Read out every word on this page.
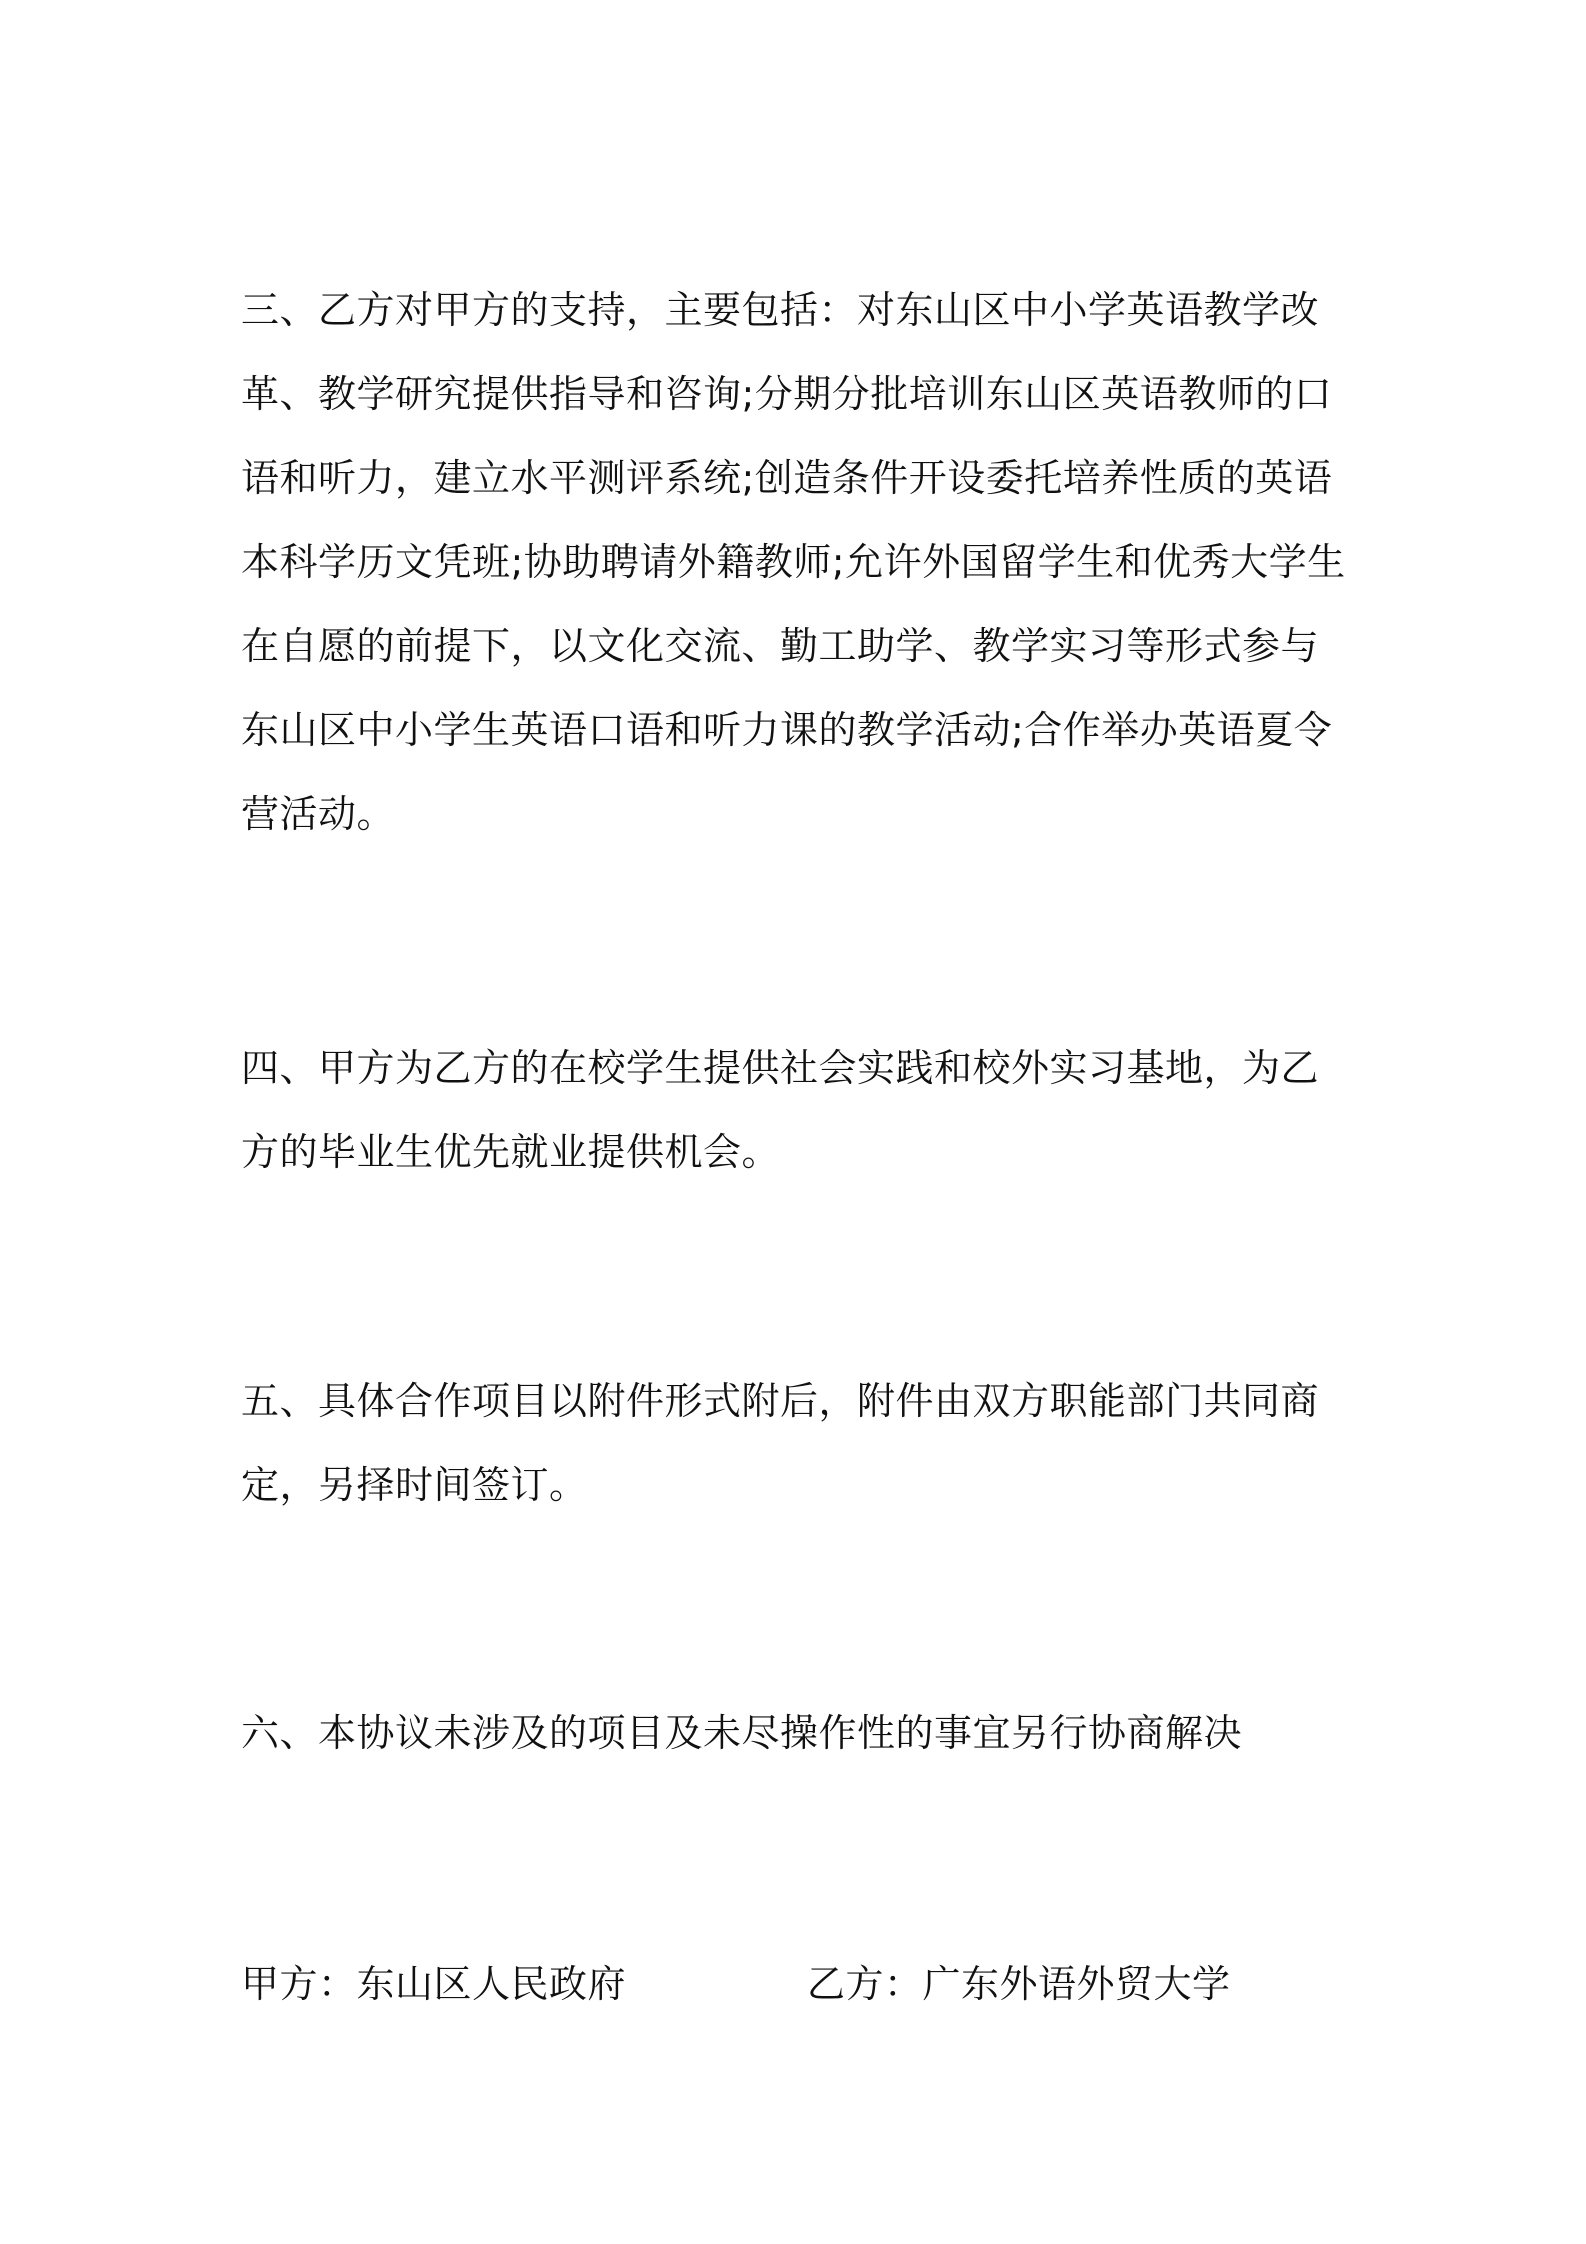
三、乙方对甲方的支持，主要包括：对东山区中小学英语教学改革、教学研究提供指导和咨询;分期分批培训东山区英语教师的口语和听力，建立水平测评系统;创造条件开设委托培养性质的英语本科学历文凭班;协助聘请外籍教师;允许外国留学生和优秀大学生在自愿的前提下，以文化交流、勤工助学、教学实习等形式参与东山区中小学生英语口语和听力课的教学活动;合作举办英语夏令营活动。

四、甲方为乙方的在校学生提供社会实践和校外实习基地，为乙方的毕业生优先就业提供机会。

五、具体合作项目以附件形式附后，附件由双方职能部门共同商定，另择时间签订。

六、本协议未涉及的项目及未尽操作性的事宜另行协商解决

甲方：东山区人民政府	乙方：广东外语外贸大学
